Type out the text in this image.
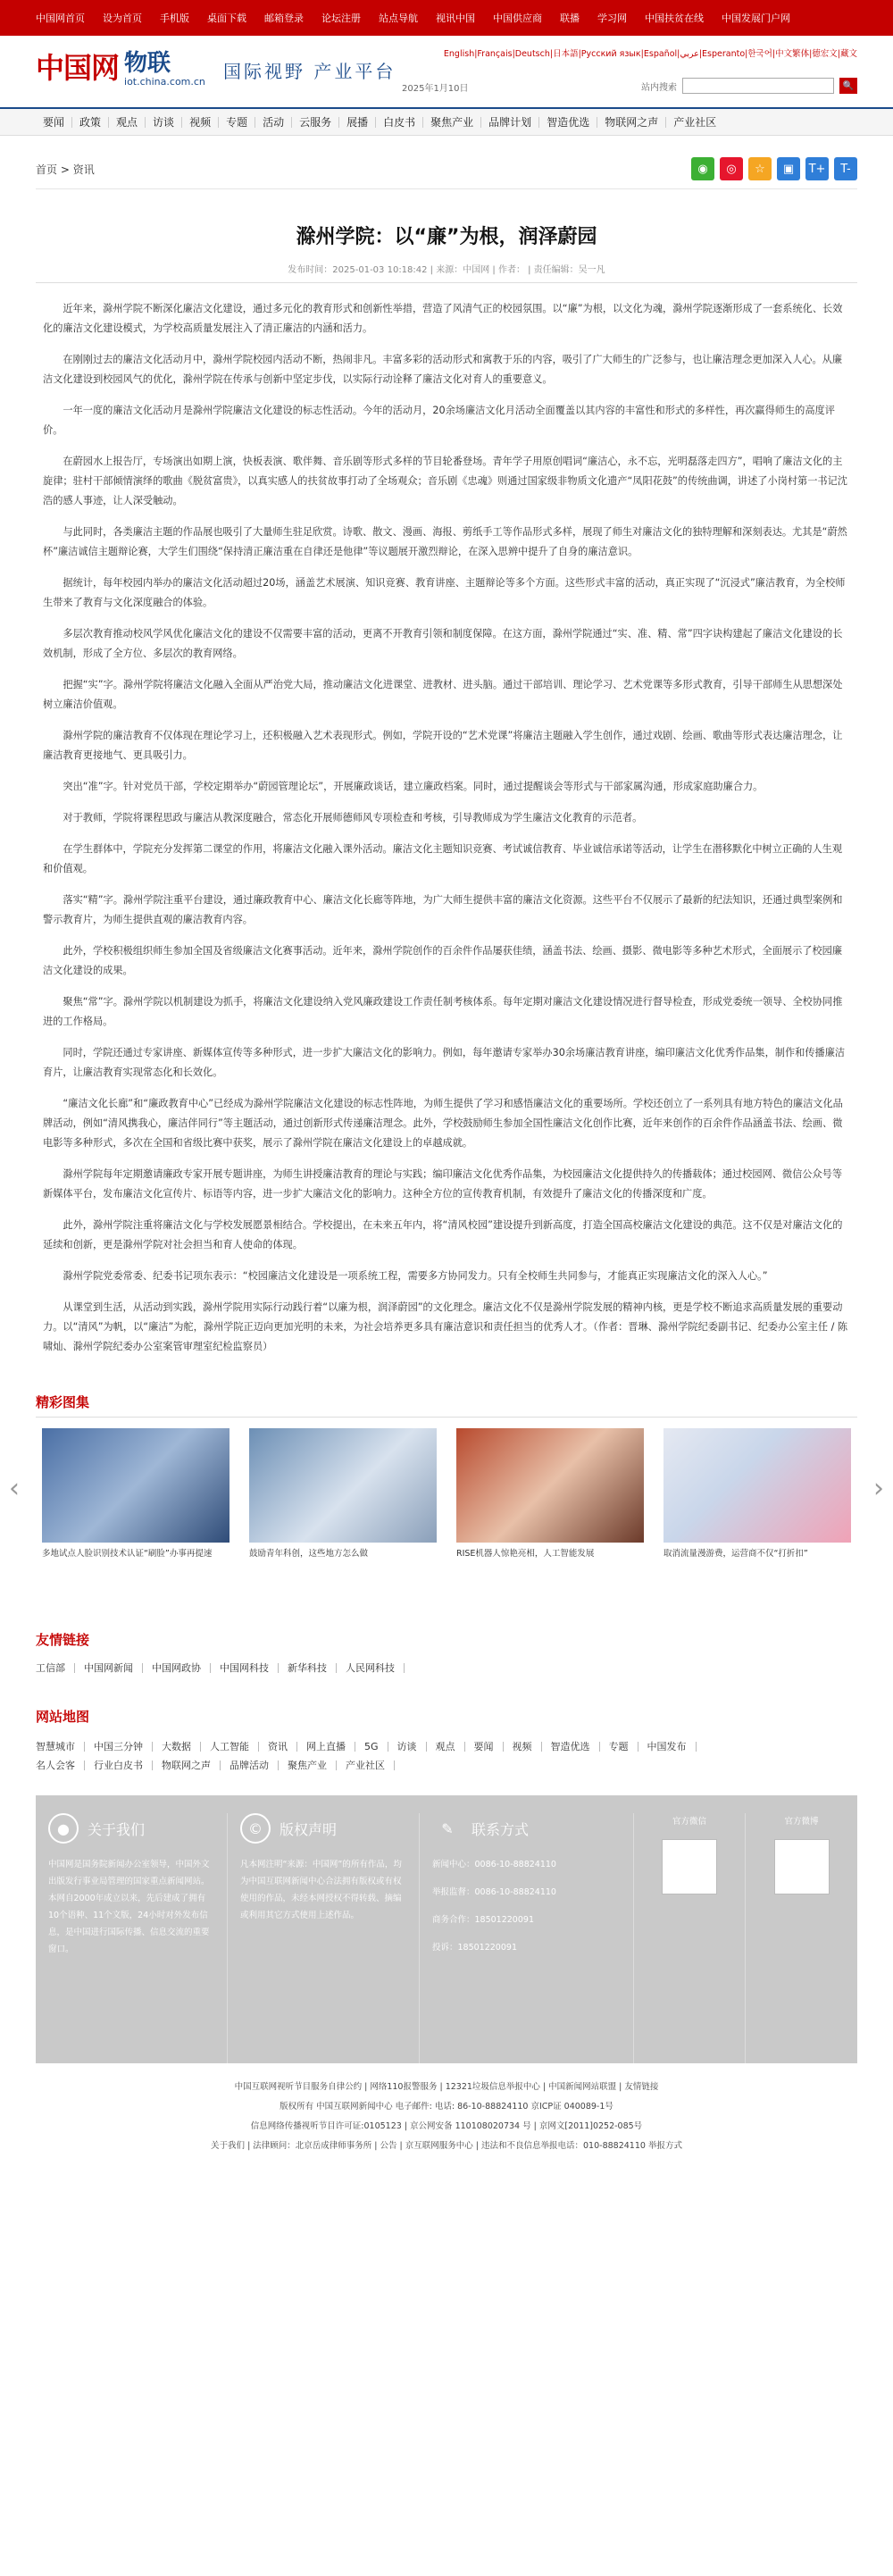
中国网首页 设为首页 手机版 桌面下载 邮箱登录 论坛注册 站点导航 视讯中国 中国供应商 联播 学习网 中国扶贫在线 中国发展门户网
中国网 物联
iot.china.com.cn 国际视野 产业平台
English|Français|Deutsch|日本語|Русский язык|Español|عربي|Esperanto|한국어|中文繁体|德宏文|藏文
2025年1月10日	站内搜索	🔍
要闻	政策	观点	访谈	视频	专题	活动	云服务	展播	白皮书	聚焦产业	品牌计划	智造优选	物联网之声	产业社区
首页 > 资讯	◉	◎	☆	▣	T+	T-
滁州学院：以“廉”为根，润泽蔚园
发布时间：2025-01-03 10:18:42 | 来源：中国网 | 作者： | 责任编辑：吴一凡

近年来，滁州学院不断深化廉洁文化建设，通过多元化的教育形式和创新性举措，营造了风清气正的校园氛围。以“廉”为根，以文化为魂，滁州学院逐渐形成了一套系统化、长效化的廉洁文化建设模式，为学校高质量发展注入了清正廉洁的内涵和活力。

在刚刚过去的廉洁文化活动月中，滁州学院校园内活动不断，热闹非凡。丰富多彩的活动形式和寓教于乐的内容，吸引了广大师生的广泛参与，也让廉洁理念更加深入人心。从廉洁文化建设到校园风气的优化，滁州学院在传承与创新中坚定步伐，以实际行动诠释了廉洁文化对育人的重要意义。

一年一度的廉洁文化活动月是滁州学院廉洁文化建设的标志性活动。今年的活动月，20余场廉洁文化月活动全面覆盖以其内容的丰富性和形式的多样性，再次赢得师生的高度评价。

在蔚园水上报告厅，专场演出如期上演，快板表演、歌伴舞、音乐剧等形式多样的节目轮番登场。青年学子用原创唱词“廉洁心，永不忘，光明磊落走四方”，唱响了廉洁文化的主旋律；驻村干部倾情演绎的歌曲《脱贫富贵》，以真实感人的扶贫故事打动了全场观众；音乐剧《忠魂》则通过国家级非物质文化遗产“凤阳花鼓”的传统曲调，讲述了小岗村第一书记沈浩的感人事迹，让人深受触动。

与此同时，各类廉洁主题的作品展也吸引了大量师生驻足欣赏。诗歌、散文、漫画、海报、剪纸手工等作品形式多样，展现了师生对廉洁文化的独特理解和深刻表达。尤其是“蔚然杯”廉洁诚信主题辩论赛，大学生们围绕“保持清正廉洁重在自律还是他律”等议题展开激烈辩论，在深入思辨中提升了自身的廉洁意识。

据统计，每年校园内举办的廉洁文化活动超过20场，涵盖艺术展演、知识竞赛、教育讲座、主题辩论等多个方面。这些形式丰富的活动，真正实现了“沉浸式”廉洁教育，为全校师生带来了教育与文化深度融合的体验。

多层次教育推动校风学风优化廉洁文化的建设不仅需要丰富的活动，更离不开教育引领和制度保障。在这方面，滁州学院通过“实、准、精、常”四字诀构建起了廉洁文化建设的长效机制，形成了全方位、多层次的教育网络。

把握“实”字。滁州学院将廉洁文化融入全面从严治党大局，推动廉洁文化进课堂、进教材、进头脑。通过干部培训、理论学习、艺术党课等多形式教育，引导干部师生从思想深处树立廉洁价值观。

滁州学院的廉洁教育不仅体现在理论学习上，还积极融入艺术表现形式。例如，学院开设的“艺术党课”将廉洁主题融入学生创作，通过戏剧、绘画、歌曲等形式表达廉洁理念，让廉洁教育更接地气、更具吸引力。

突出“准”字。针对党员干部，学校定期举办“蔚园管理论坛”，开展廉政谈话，建立廉政档案。同时，通过提醒谈会等形式与干部家属沟通，形成家庭助廉合力。

对于教师，学院将课程思政与廉洁从教深度融合，常态化开展师德师风专项检查和考核，引导教师成为学生廉洁文化教育的示范者。

在学生群体中，学院充分发挥第二课堂的作用，将廉洁文化融入课外活动。廉洁文化主题知识竞赛、考试诚信教育、毕业诚信承诺等活动，让学生在潜移默化中树立正确的人生观和价值观。

落实“精”字。滁州学院注重平台建设，通过廉政教育中心、廉洁文化长廊等阵地，为广大师生提供丰富的廉洁文化资源。这些平台不仅展示了最新的纪法知识，还通过典型案例和警示教育片，为师生提供直观的廉洁教育内容。

此外，学校积极组织师生参加全国及省级廉洁文化赛事活动。近年来，滁州学院创作的百余件作品屡获佳绩，涵盖书法、绘画、摄影、微电影等多种艺术形式，全面展示了校园廉洁文化建设的成果。

聚焦“常”字。滁州学院以机制建设为抓手，将廉洁文化建设纳入党风廉政建设工作责任制考核体系。每年定期对廉洁文化建设情况进行督导检查，形成党委统一领导、全校协同推进的工作格局。

同时，学院还通过专家讲座、新媒体宣传等多种形式，进一步扩大廉洁文化的影响力。例如，每年邀请专家举办30余场廉洁教育讲座，编印廉洁文化优秀作品集，制作和传播廉洁育片，让廉洁教育实现常态化和长效化。

“廉洁文化长廊”和“廉政教育中心”已经成为滁州学院廉洁文化建设的标志性阵地，为师生提供了学习和感悟廉洁文化的重要场所。学校还创立了一系列具有地方特色的廉洁文化品牌活动，例如“清风携我心，廉洁伴同行”等主题活动，通过创新形式传递廉洁理念。此外，学校鼓励师生参加全国性廉洁文化创作比赛，近年来创作的百余件作品涵盖书法、绘画、微电影等多种形式，多次在全国和省级比赛中获奖，展示了滁州学院在廉洁文化建设上的卓越成就。

滁州学院每年定期邀请廉政专家开展专题讲座，为师生讲授廉洁教育的理论与实践；编印廉洁文化优秀作品集，为校园廉洁文化提供持久的传播载体；通过校园网、微信公众号等新媒体平台，发布廉洁文化宣传片、标语等内容，进一步扩大廉洁文化的影响力。这种全方位的宣传教育机制，有效提升了廉洁文化的传播深度和广度。

此外，滁州学院注重将廉洁文化与学校发展愿景相结合。学校提出，在未来五年内，将“清风校园”建设提升到新高度，打造全国高校廉洁文化建设的典范。这不仅是对廉洁文化的延续和创新，更是滁州学院对社会担当和育人使命的体现。

滁州学院党委常委、纪委书记项东表示：“校园廉洁文化建设是一项系统工程，需要多方协同发力。只有全校师生共同参与，才能真正实现廉洁文化的深入人心。”

从课堂到生活，从活动到实践，滁州学院用实际行动践行着“以廉为根，润泽蔚园”的文化理念。廉洁文化不仅是滁州学院发展的精神内核，更是学校不断追求高质量发展的重要动力。以“清风”为帆，以“廉洁”为舵，滁州学院正迈向更加光明的未来，为社会培养更多具有廉洁意识和责任担当的优秀人才。（作者：晋琳、滁州学院纪委副书记、纪委办公室主任 / 陈啸灿、滁州学院纪委办公室案管审理室纪检监察员）

精彩图集
‹	›
多地试点人脸识别技术认证“刷脸”办事再提速	鼓励青年科创，这些地方怎么做	RISE机器人惊艳亮相，人工智能发展	取消流量漫游费，运营商不仅“打折扣”
友情链接
工信部	中国网新闻	中国网政协	中国网科技	新华科技	人民网科技
网站地图
智慧城市	中国三分钟	大数据	人工智能	资讯	网上直播	5G	访谈	观点	要闻	视频	智造优选	专题	中国发布
名人会客	行业白皮书	物联网之声	品牌活动	聚焦产业	产业社区
●	关于我们

中国网是国务院新闻办公室领导，中国外文出版发行事业局管理的国家重点新闻网站。本网自2000年成立以来，先后建成了拥有10个语种、11个文版，24小时对外发布信息，是中国进行国际传播、信息交流的重要窗口。

©	版权声明

凡本网注明“来源：中国网”的所有作品，均为中国互联网新闻中心合法拥有版权或有权使用的作品，未经本网授权不得转载、摘编或利用其它方式使用上述作品。

✎	联系方式

新闻中心：0086-10-88824110

举报监督：0086-10-88824110

商务合作：18501220091

投诉：18501220091

官方微信	官方微博

中国互联网视听节目服务自律公约 | 网络110报警服务 | 12321垃圾信息举报中心 | 中国新闻网站联盟 | 友情链接
版权所有 中国互联网新闻中心 电子邮件: 电话: 86-10-88824110 京ICP证 040089-1号
信息网络传播视听节目许可证:0105123 | 京公网安备 110108020734 号 | 京网文[2011]0252-085号
关于我们 | 法律顾问：北京岳成律师事务所 | 公告 | 京互联网服务中心 | 违法和不良信息举报电话：010-88824110 举报方式
